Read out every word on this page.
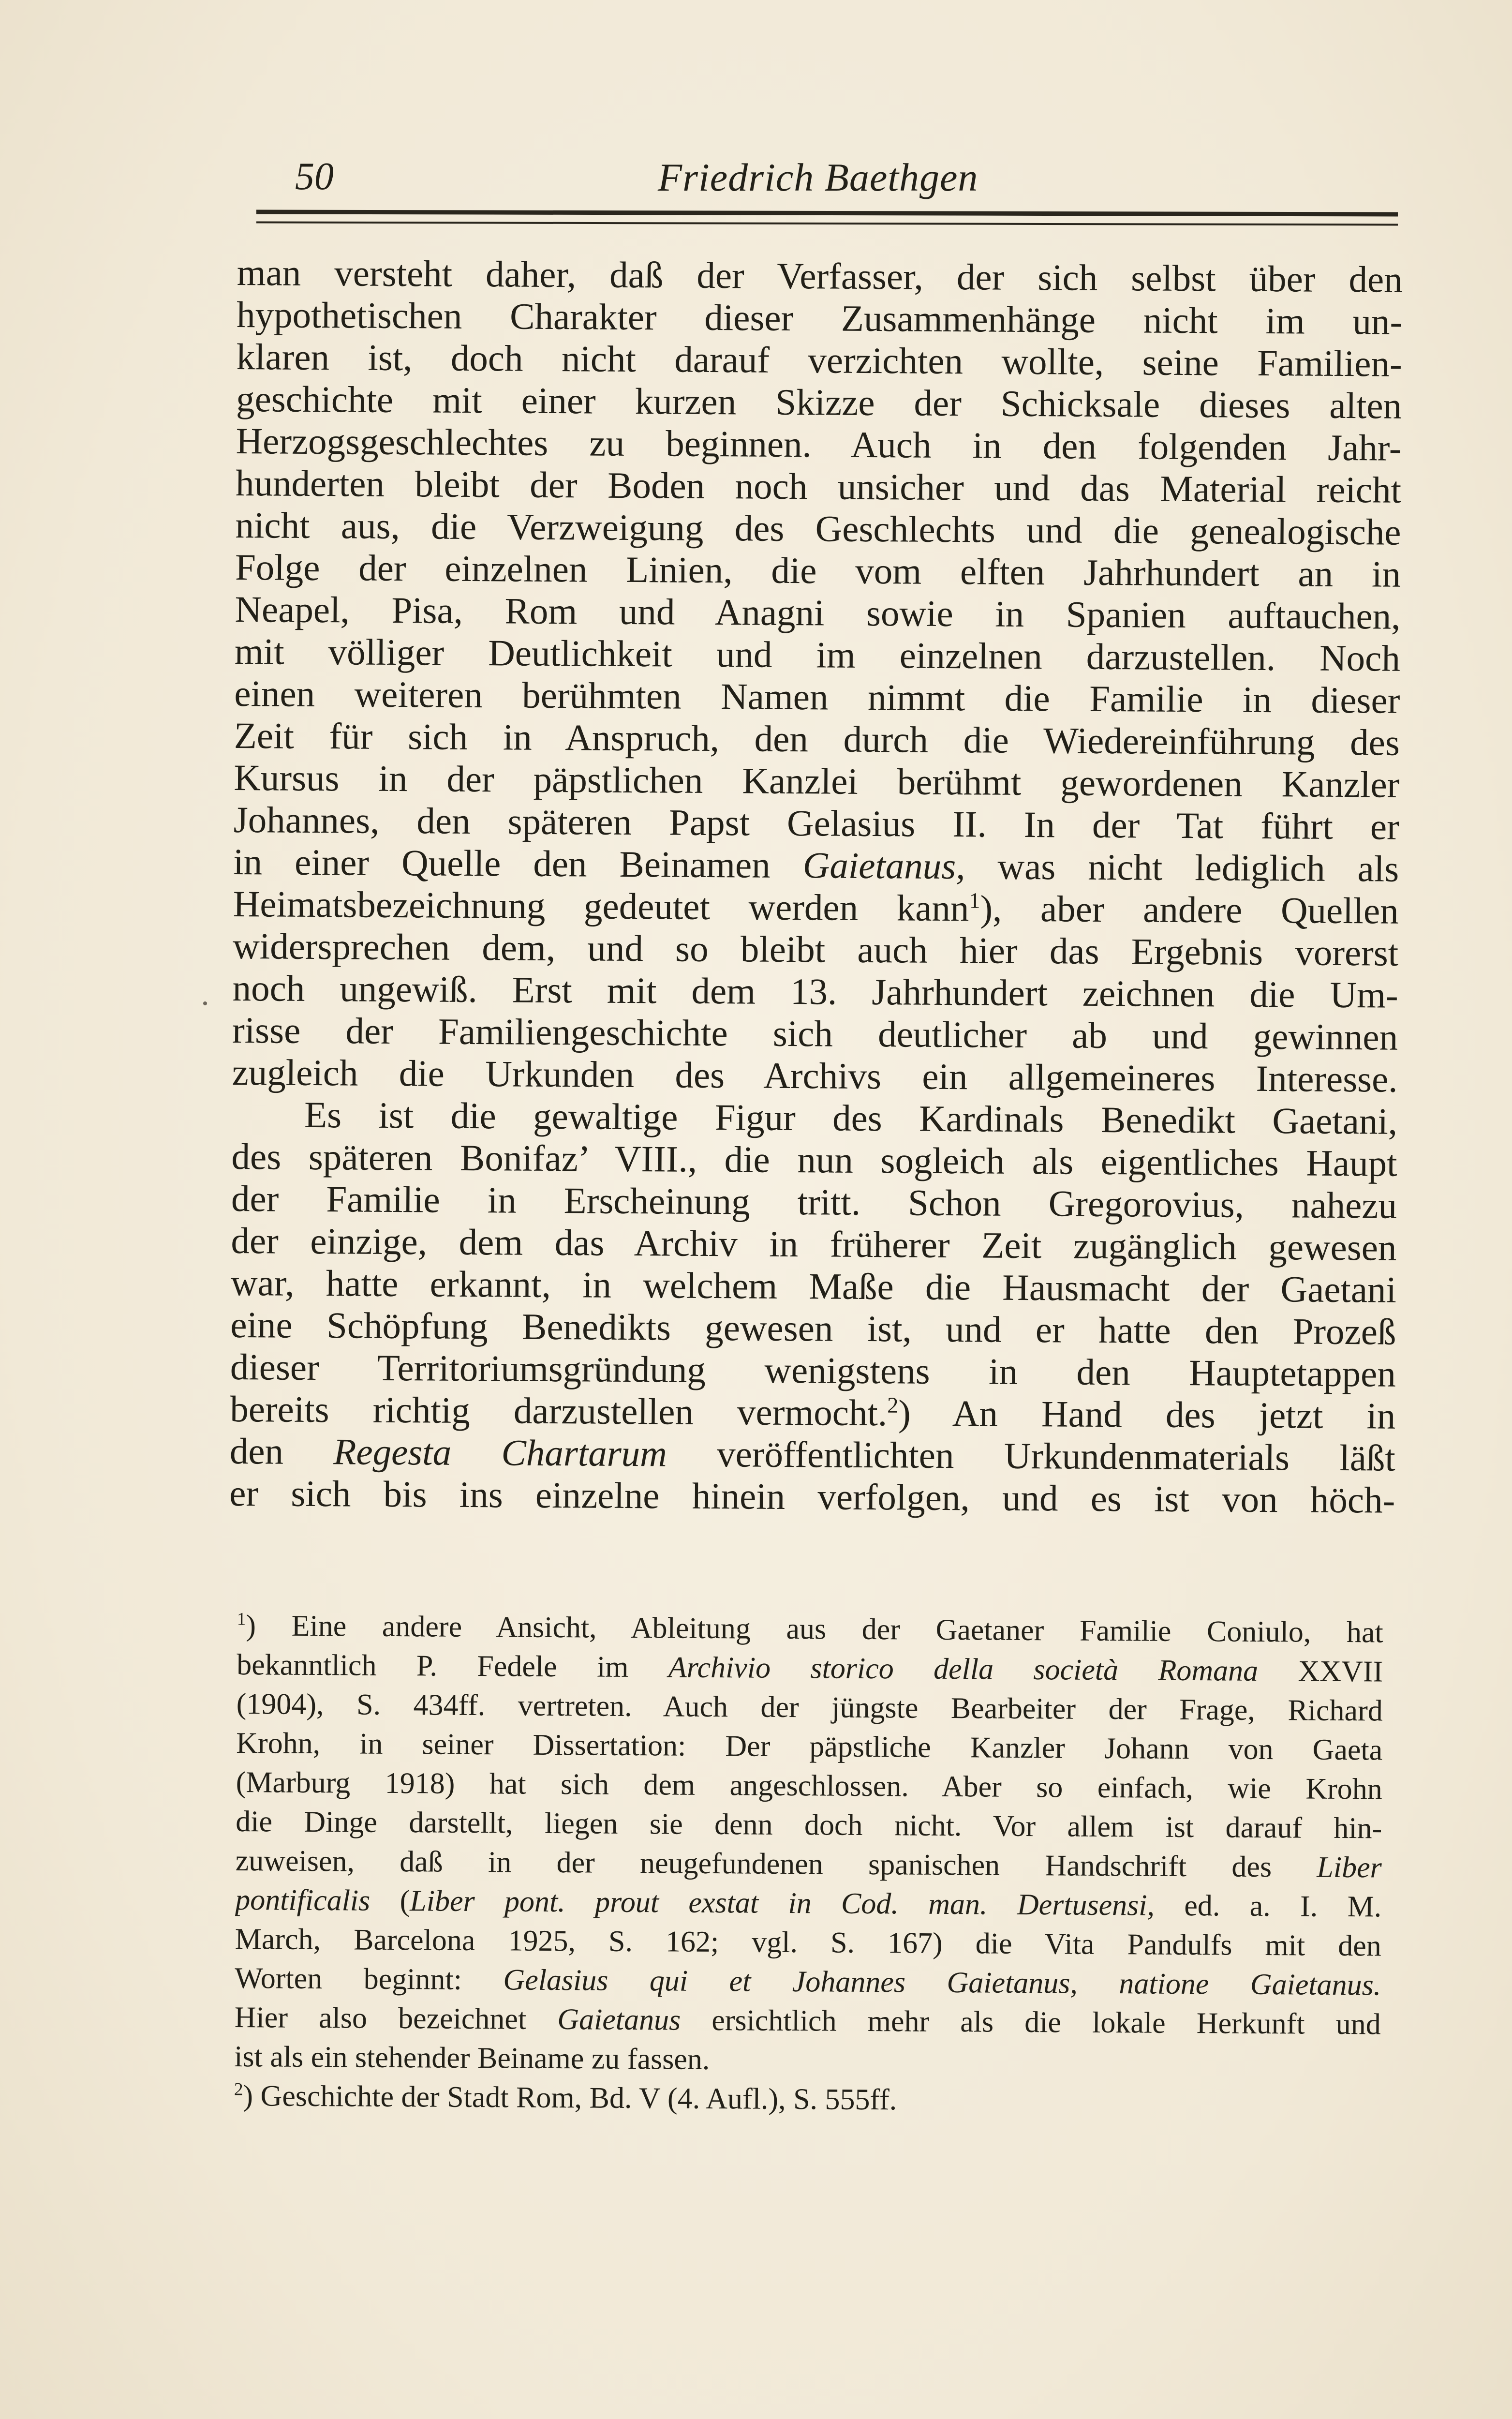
50	Friedrich Baethgen
man versteht daher, daß der Verfasser, der sich selbst über den
hypothetischen Charakter dieser Zusammenhänge nicht im un-
klaren ist, doch nicht darauf verzichten wollte, seine Familien-
geschichte mit einer kurzen Skizze der Schicksale dieses alten
Herzogsgeschlechtes zu beginnen. Auch in den folgenden Jahr-
hunderten bleibt der Boden noch unsicher und das Material reicht
nicht aus, die Verzweigung des Geschlechts und die genealogische
Folge der einzelnen Linien, die vom elften Jahrhundert an in
Neapel, Pisa, Rom und Anagni sowie in Spanien auftauchen,
mit völliger Deutlichkeit und im einzelnen darzustellen. Noch
einen weiteren berühmten Namen nimmt die Familie in dieser
Zeit für sich in Anspruch, den durch die Wiedereinführung des
Kursus in der päpstlichen Kanzlei berühmt gewordenen Kanzler
Johannes, den späteren Papst Gelasius II. In der Tat führt er
in einer Quelle den Beinamen Gaietanus, was nicht lediglich als
Heimatsbezeichnung gedeutet werden kann$^1$), aber andere Quellen
widersprechen dem, und so bleibt auch hier das Ergebnis vorerst
noch ungewiß. Erst mit dem 13. Jahrhundert zeichnen die Um-
risse der Familiengeschichte sich deutlicher ab und gewinnen
zugleich die Urkunden des Archivs ein allgemeineres Interesse.
Es ist die gewaltige Figur des Kardinals Benedikt Gaetani,
des späteren Bonifaz’ VIII., die nun sogleich als eigentliches Haupt
der Familie in Erscheinung tritt. Schon Gregorovius, nahezu
der einzige, dem das Archiv in früherer Zeit zugänglich gewesen
war, hatte erkannt, in welchem Maße die Hausmacht der Gaetani
eine Schöpfung Benedikts gewesen ist, und er hatte den Prozeß
dieser Territoriumsgründung wenigstens in den Hauptetappen
bereits richtig darzustellen vermocht.$^2$) An Hand des jetzt in
den Regesta Chartarum veröffentlichten Urkundenmaterials läßt
er sich bis ins einzelne hinein verfolgen, und es ist von höch-
$^1$) Eine andere Ansicht, Ableitung aus der Gaetaner Familie Coniulo, hat
bekanntlich P. Fedele im Archivio storico della società Romana XXVII
(1904), S. 434ff. vertreten. Auch der jüngste Bearbeiter der Frage, Richard
Krohn, in seiner Dissertation: Der päpstliche Kanzler Johann von Gaeta
(Marburg 1918) hat sich dem angeschlossen. Aber so einfach, wie Krohn
die Dinge darstellt, liegen sie denn doch nicht. Vor allem ist darauf hin-
zuweisen, daß in der neugefundenen spanischen Handschrift des Liber
pontificalis (Liber pont. prout exstat in Cod. man. Dertusensi, ed. a. I. M.
March, Barcelona 1925, S. 162; vgl. S. 167) die Vita Pandulfs mit den
Worten beginnt: Gelasius qui et Johannes Gaietanus, natione Gaietanus.
Hier also bezeichnet Gaietanus ersichtlich mehr als die lokale Herkunft und
ist als ein stehender Beiname zu fassen.
$^2$) Geschichte der Stadt Rom, Bd. V (4. Aufl.), S. 555ff.
